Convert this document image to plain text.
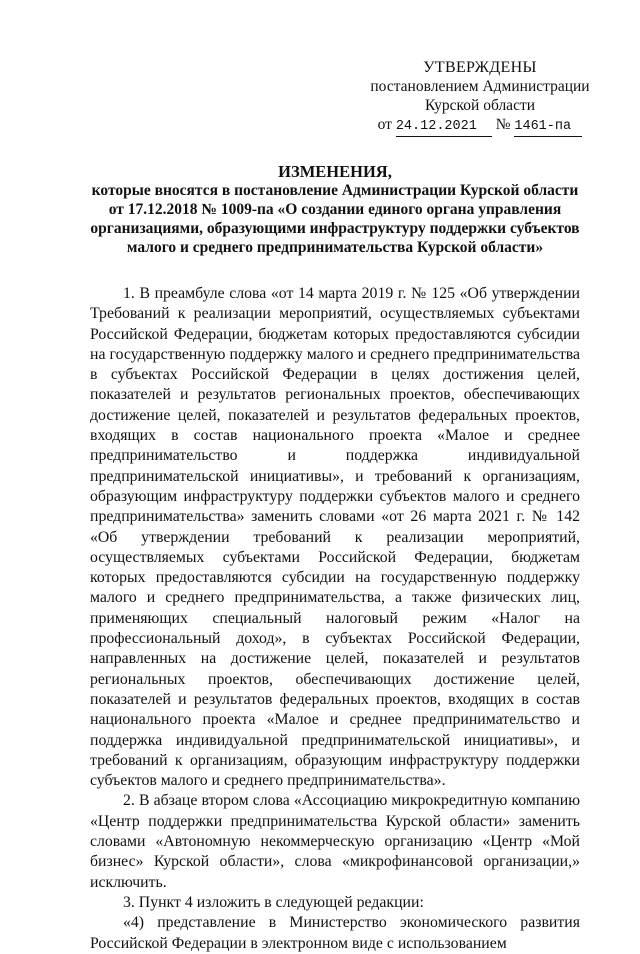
УТВЕРЖДЕНЫ
постановлением Администрации
Курской области
от 24.12.2021 № 1461-па
ИЗМЕНЕНИЯ,
которые вносятся в постановление Администрации Курской области от 17.12.2018 № 1009-па «О создании единого органа управления организациями, образующими инфраструктуру поддержки субъектов малого и среднего предпринимательства Курской области»

1. В преамбуле слова «от 14 марта 2019 г. № 125 «Об утверждении Требований к реализации мероприятий, осуществляемых субъектами Российской Федерации, бюджетам которых предоставляются субсидии на государственную поддержку малого и среднего предпринимательства в субъектах Российской Федерации в целях достижения целей, показателей и результатов региональных проектов, обеспечивающих достижение целей, показателей и результатов федеральных проектов, входящих в состав национального проекта «Малое и среднее предпринимательство и поддержка индивидуальной предпринимательской инициативы», и требований к организациям, образующим инфраструктуру поддержки субъектов малого и среднего предпринимательства» заменить словами «от 26 марта 2021 г. № 142 «Об утверждении требований к реализации мероприятий, осуществляемых субъектами Российской Федерации, бюджетам которых предоставляются субсидии на государственную поддержку малого и среднего предпринимательства, а также физических лиц, применяющих специальный налоговый режим «Налог на профессиональный доход», в субъектах Российской Федерации, направленных на достижение целей, показателей и результатов региональных проектов, обеспечивающих достижение целей, показателей и результатов федеральных проектов, входящих в состав национального проекта «Малое и среднее предпринимательство и поддержка индивидуальной предпринимательской инициативы», и требований к организациям, образующим инфраструктуру поддержки субъектов малого и среднего предпринимательства».

2. В абзаце втором слова «Ассоциацию микрокредитную компанию «Центр поддержки предпринимательства Курской области» заменить словами «Автономную некоммерческую организацию «Центр «Мой бизнес» Курской области», слова «микрофинансовой организации,» исключить.

3. Пункт 4 изложить в следующей редакции:

«4) представление в Министерство экономического развития Российской Федерации в электронном виде с использованием
